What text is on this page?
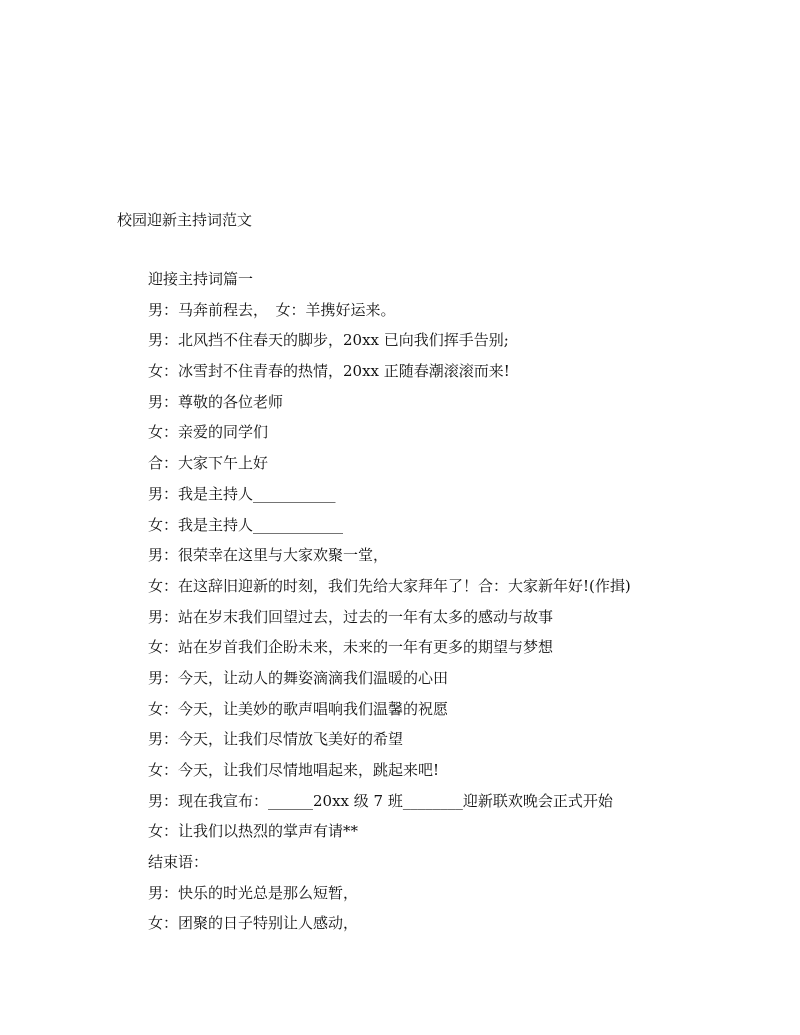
校园迎新主持词范文
迎接主持词篇一
男：马奔前程去，　女：羊携好运来。
男：北风挡不住春天的脚步，20xx 已向我们挥手告别;
女：冰雪封不住青春的热情，20xx 正随春潮滚滚而来!
男：尊敬的各位老师
女：亲爱的同学们
合：大家下午上好
男：我是主持人___________
女：我是主持人____________
男：很荣幸在这里与大家欢聚一堂，
女：在这辞旧迎新的时刻，我们先给大家拜年了！合：大家新年好!(作揖)
男：站在岁末我们回望过去，过去的一年有太多的感动与故事
女：站在岁首我们企盼未来，未来的一年有更多的期望与梦想
男：今天，让动人的舞姿滴滴我们温暖的心田
女：今天，让美妙的歌声唱响我们温馨的祝愿
男：今天，让我们尽情放飞美好的希望
女：今天，让我们尽情地唱起来，跳起来吧!
男：现在我宣布：______20xx 级 7 班________迎新联欢晚会正式开始
女：让我们以热烈的掌声有请**
结束语：
男：快乐的时光总是那么短暂，
女：团聚的日子特别让人感动，
